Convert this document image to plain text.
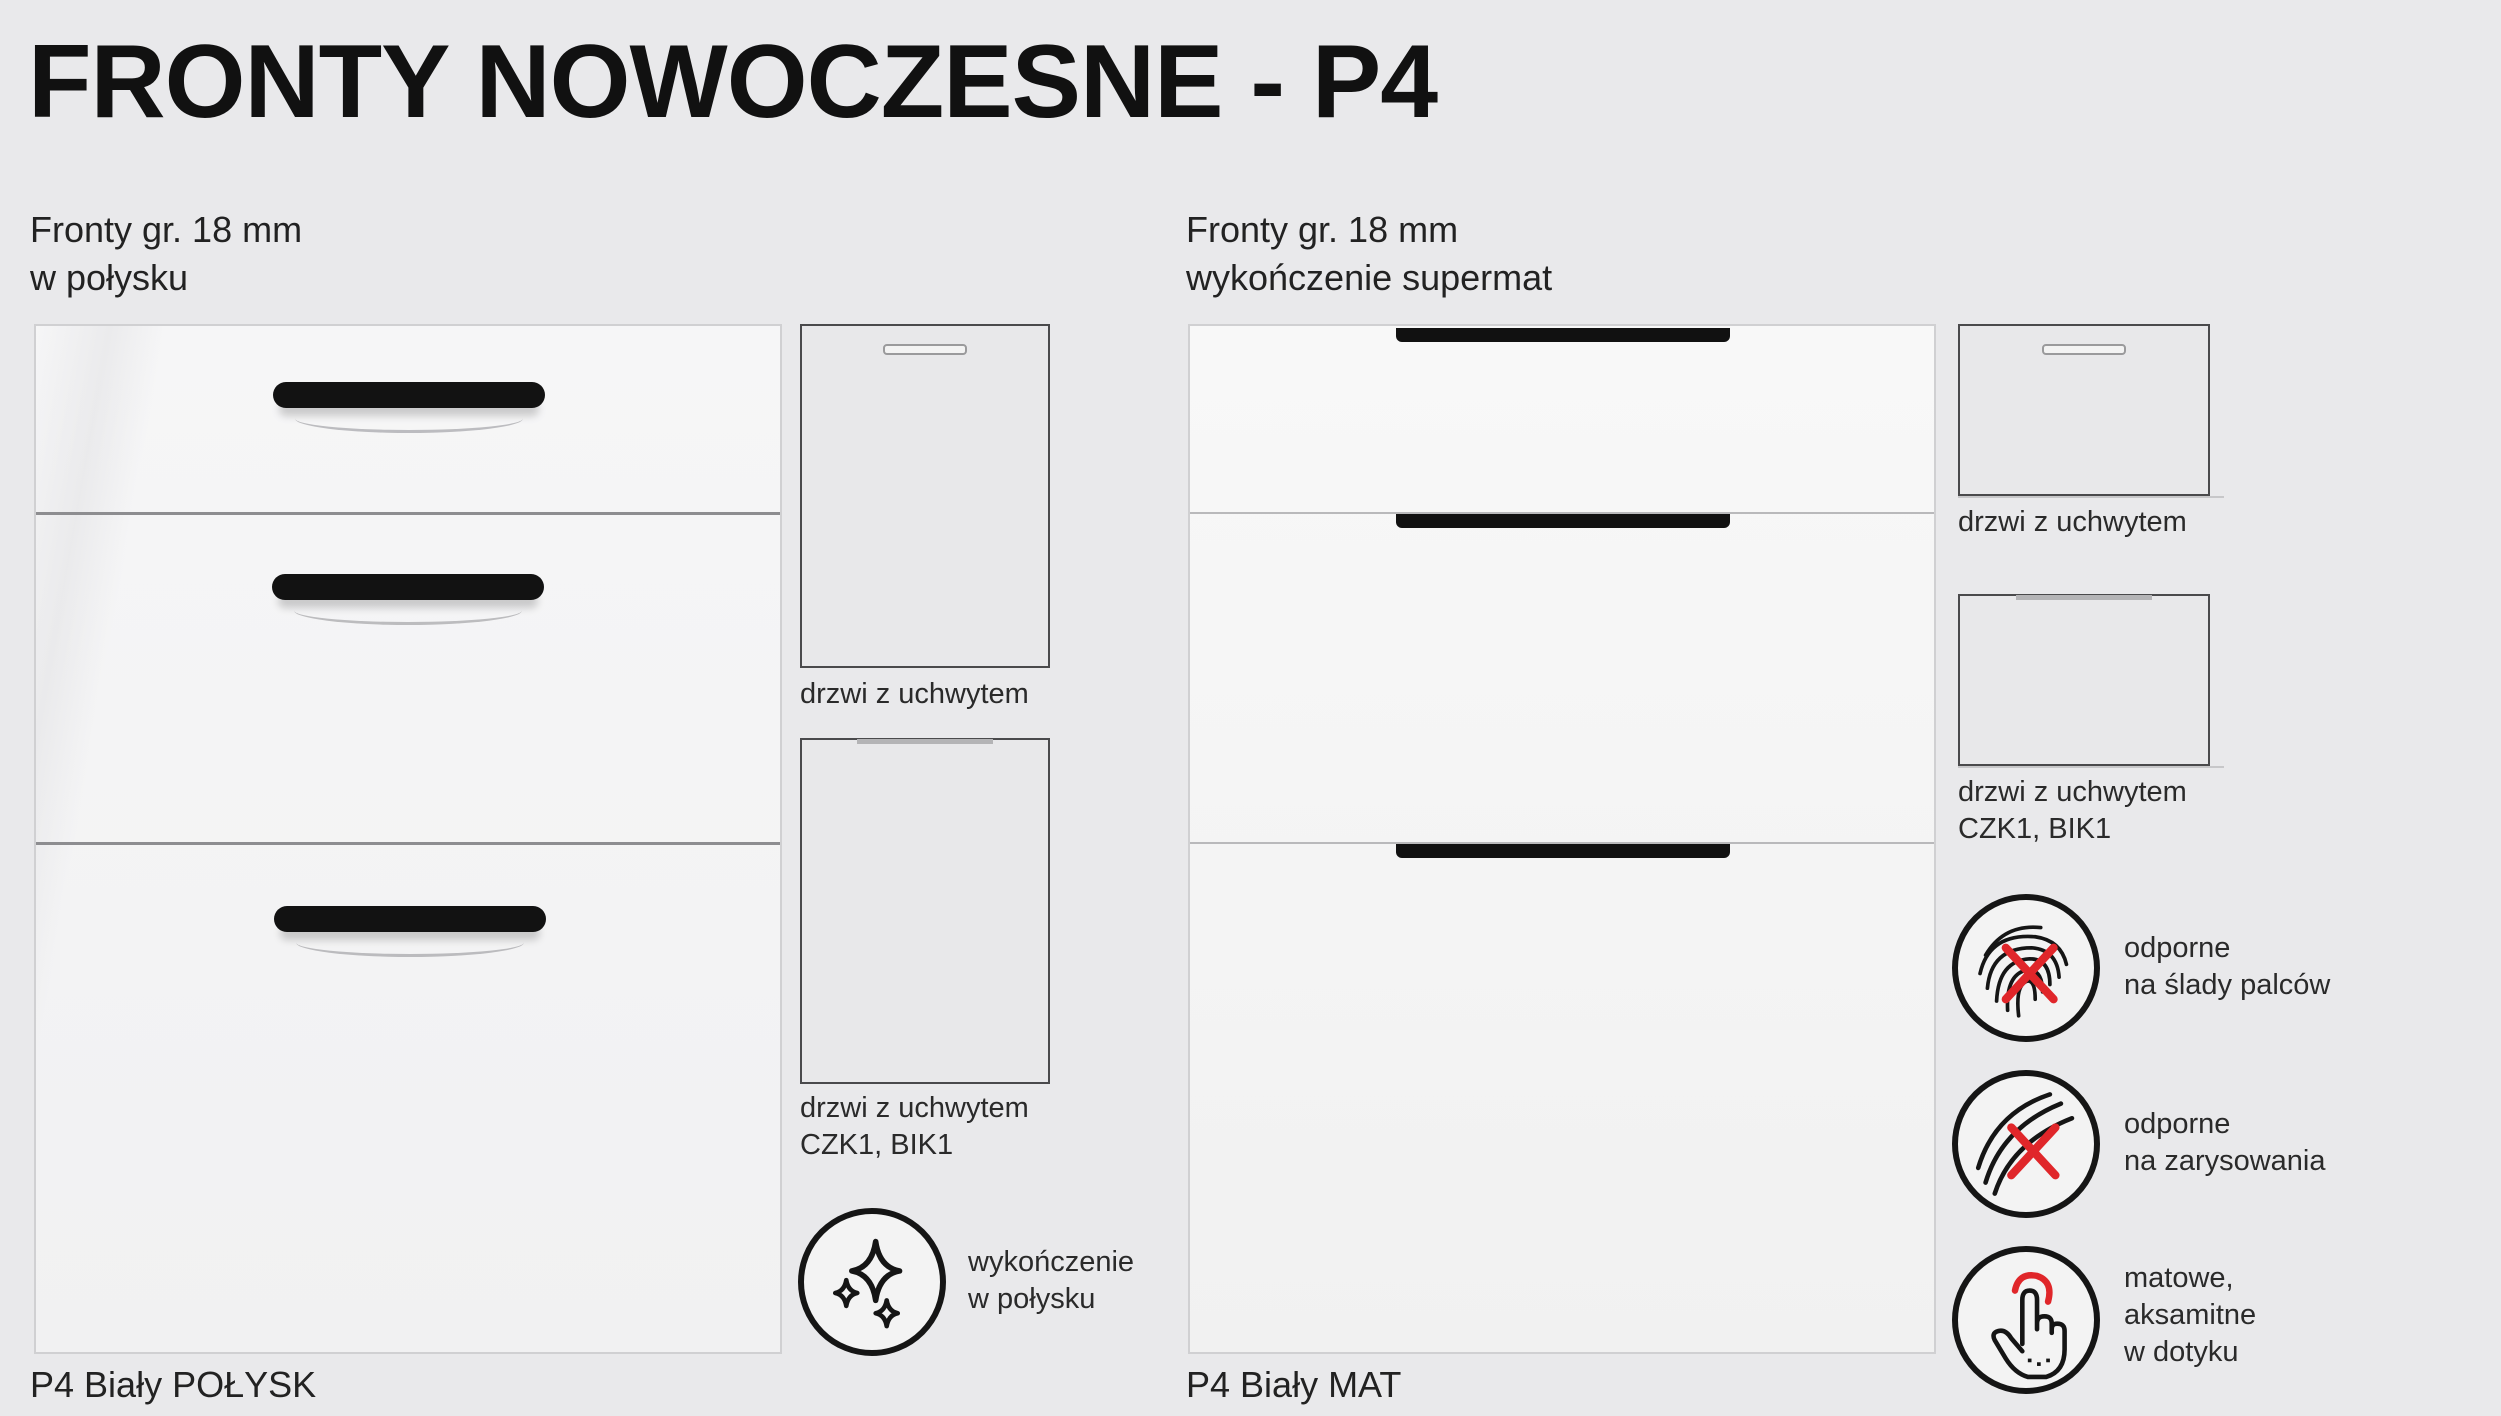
FRONTY NOWOCZESNE - P4
Fronty gr. 18 mm
w połysku
drzwi z uchwytem
drzwi z uchwytem
CZK1, BIK1
wykończenie
w połysku
P4 Biały POŁYSK
Fronty gr. 18 mm
wykończenie supermat
drzwi z uchwytem
drzwi z uchwytem
CZK1, BIK1
odporne
na ślady palców
odporne
na zarysowania
matowe,
aksamitne
w dotyku
P4 Biały MAT
